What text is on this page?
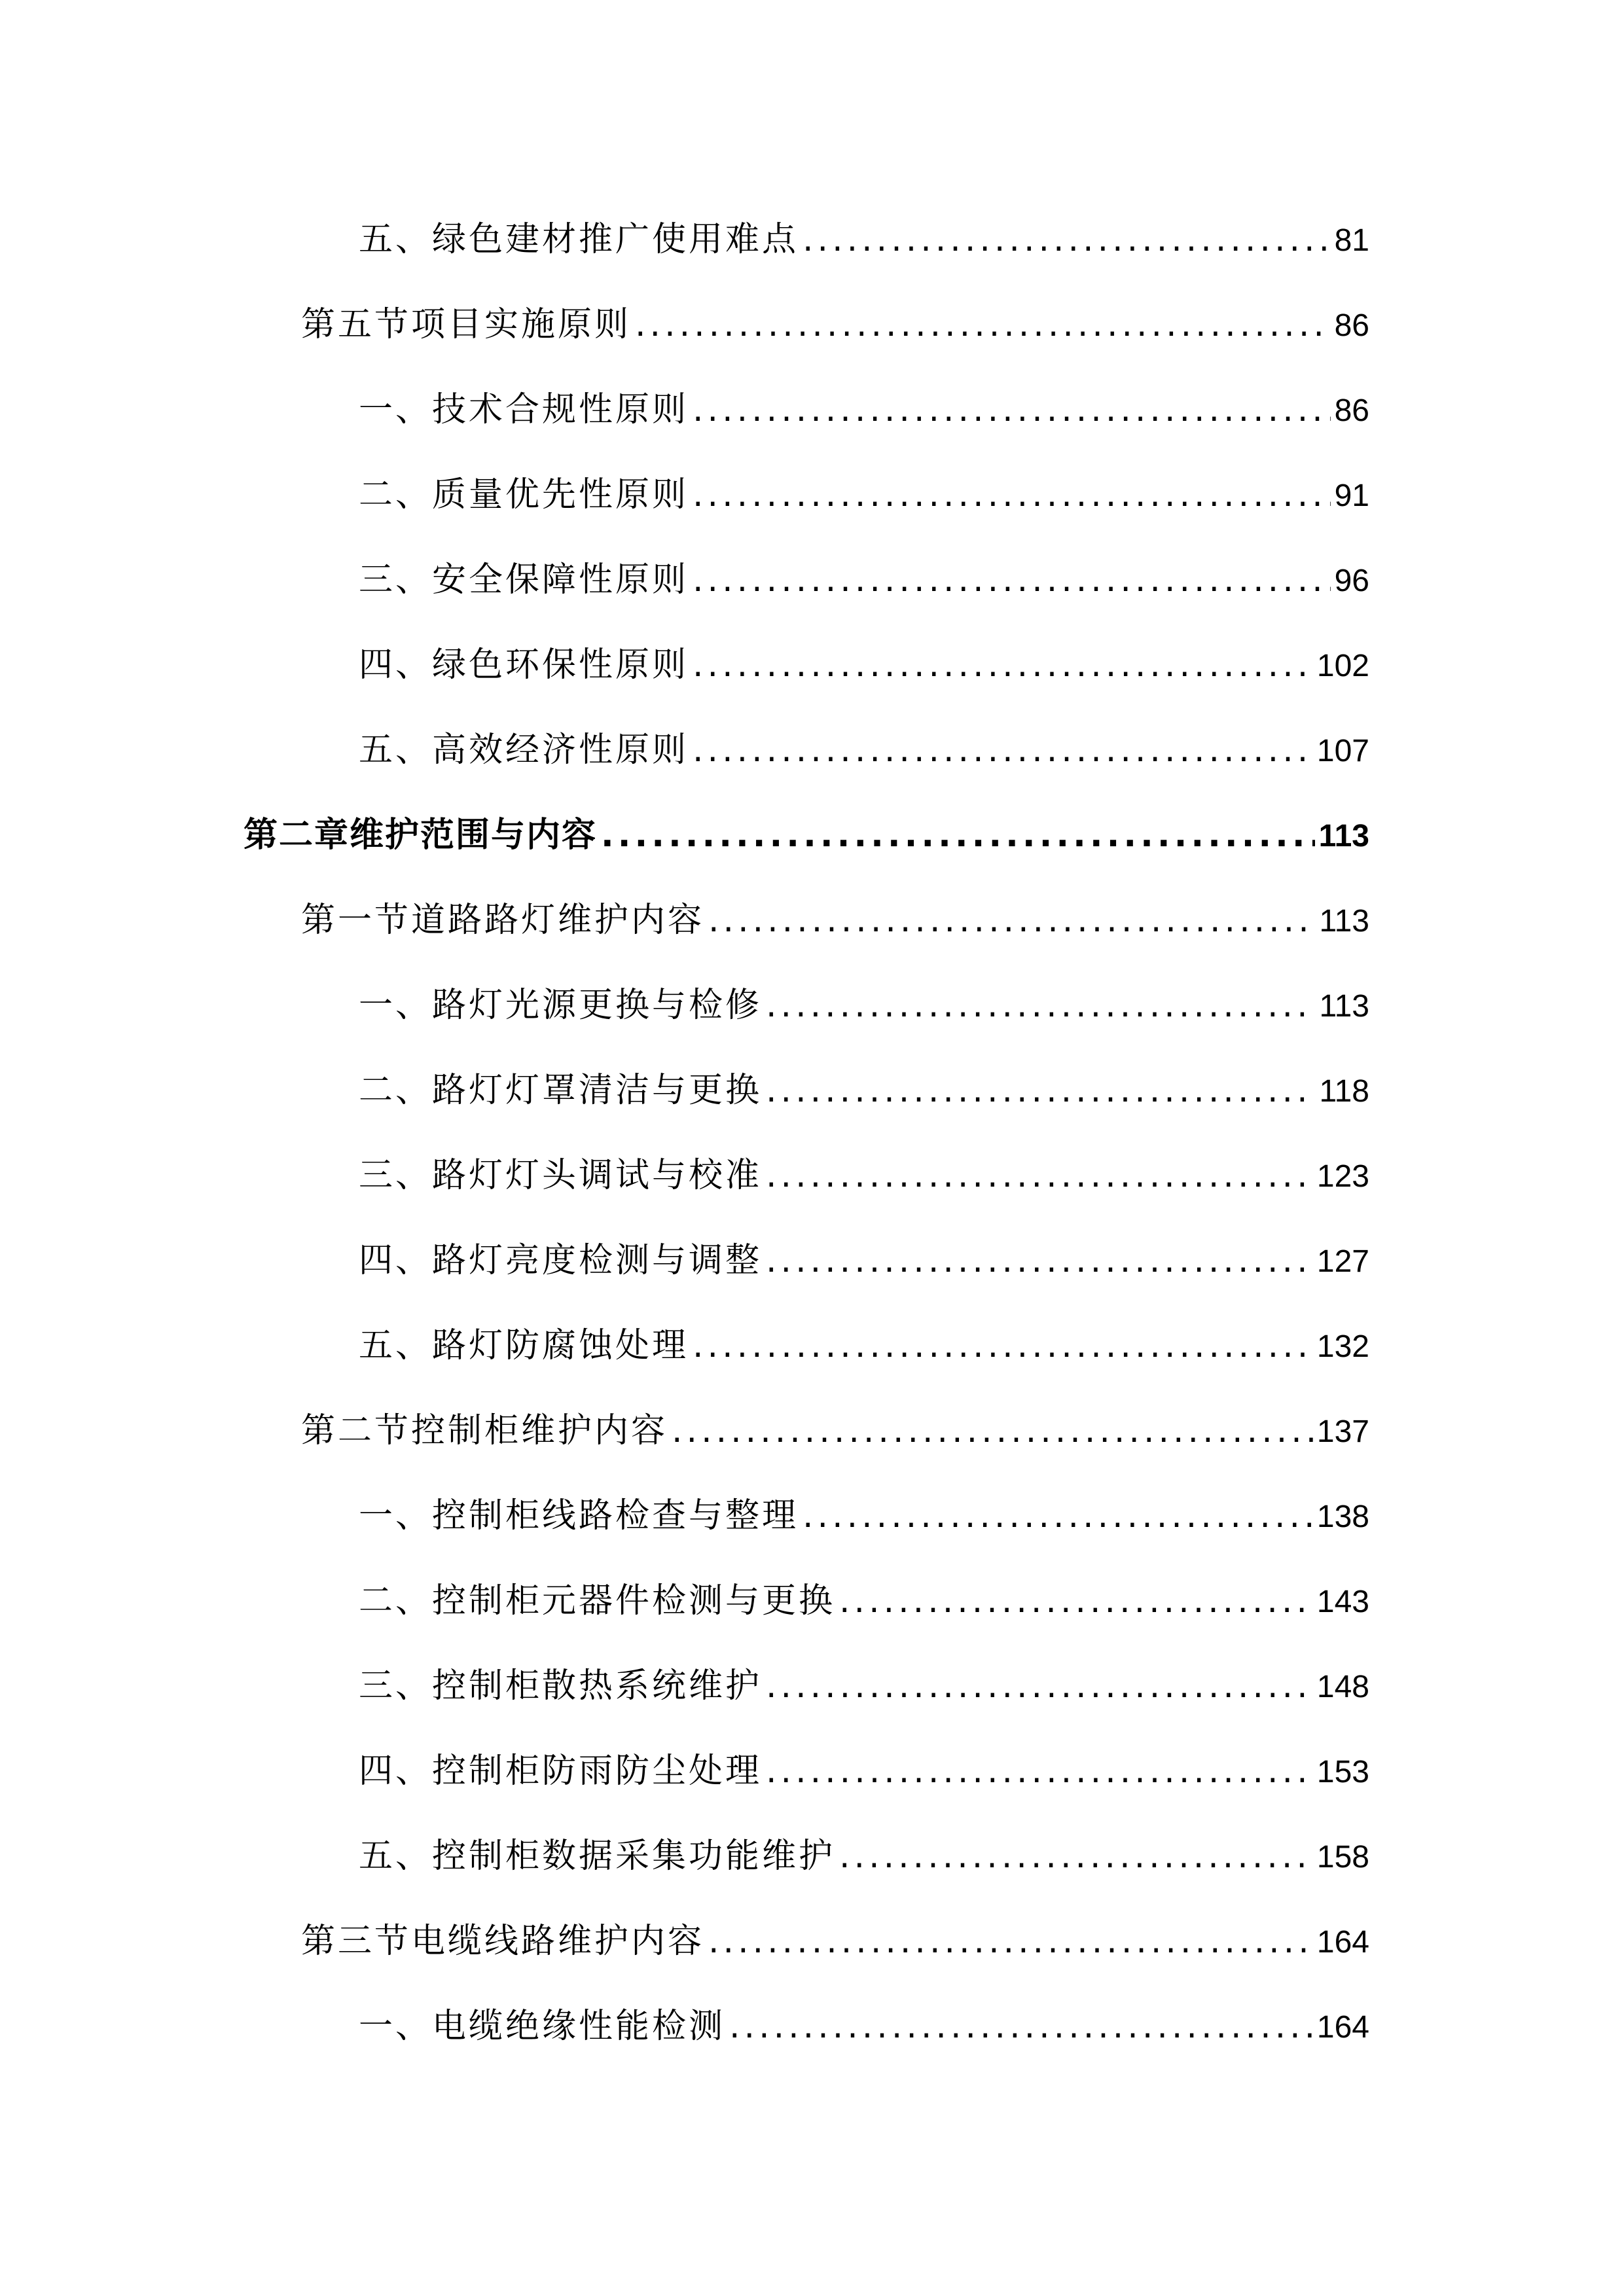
五、绿色建材推广使用难点 .....	81
第五节项目实施原则 .....	86
一、技术合规性原则 .....	86
二、质量优先性原则 .....	91
三、安全保障性原则 .....	96
四、绿色环保性原则 .....	102
五、高效经济性原则 .....	107
第二章维护范围与内容 .....	113
第一节道路路灯维护内容 .....	113
一、路灯光源更换与检修 .....	113
二、路灯灯罩清洁与更换 .....	118
三、路灯灯头调试与校准 .....	123
四、路灯亮度检测与调整 .....	127
五、路灯防腐蚀处理 .....	132
第二节控制柜维护内容 .....	137
一、控制柜线路检查与整理 .....	138
二、控制柜元器件检测与更换 .....	143
三、控制柜散热系统维护 .....	148
四、控制柜防雨防尘处理 .....	153
五、控制柜数据采集功能维护 .....	158
第三节电缆线路维护内容 .....	164
一、电缆绝缘性能检测 .....	164
